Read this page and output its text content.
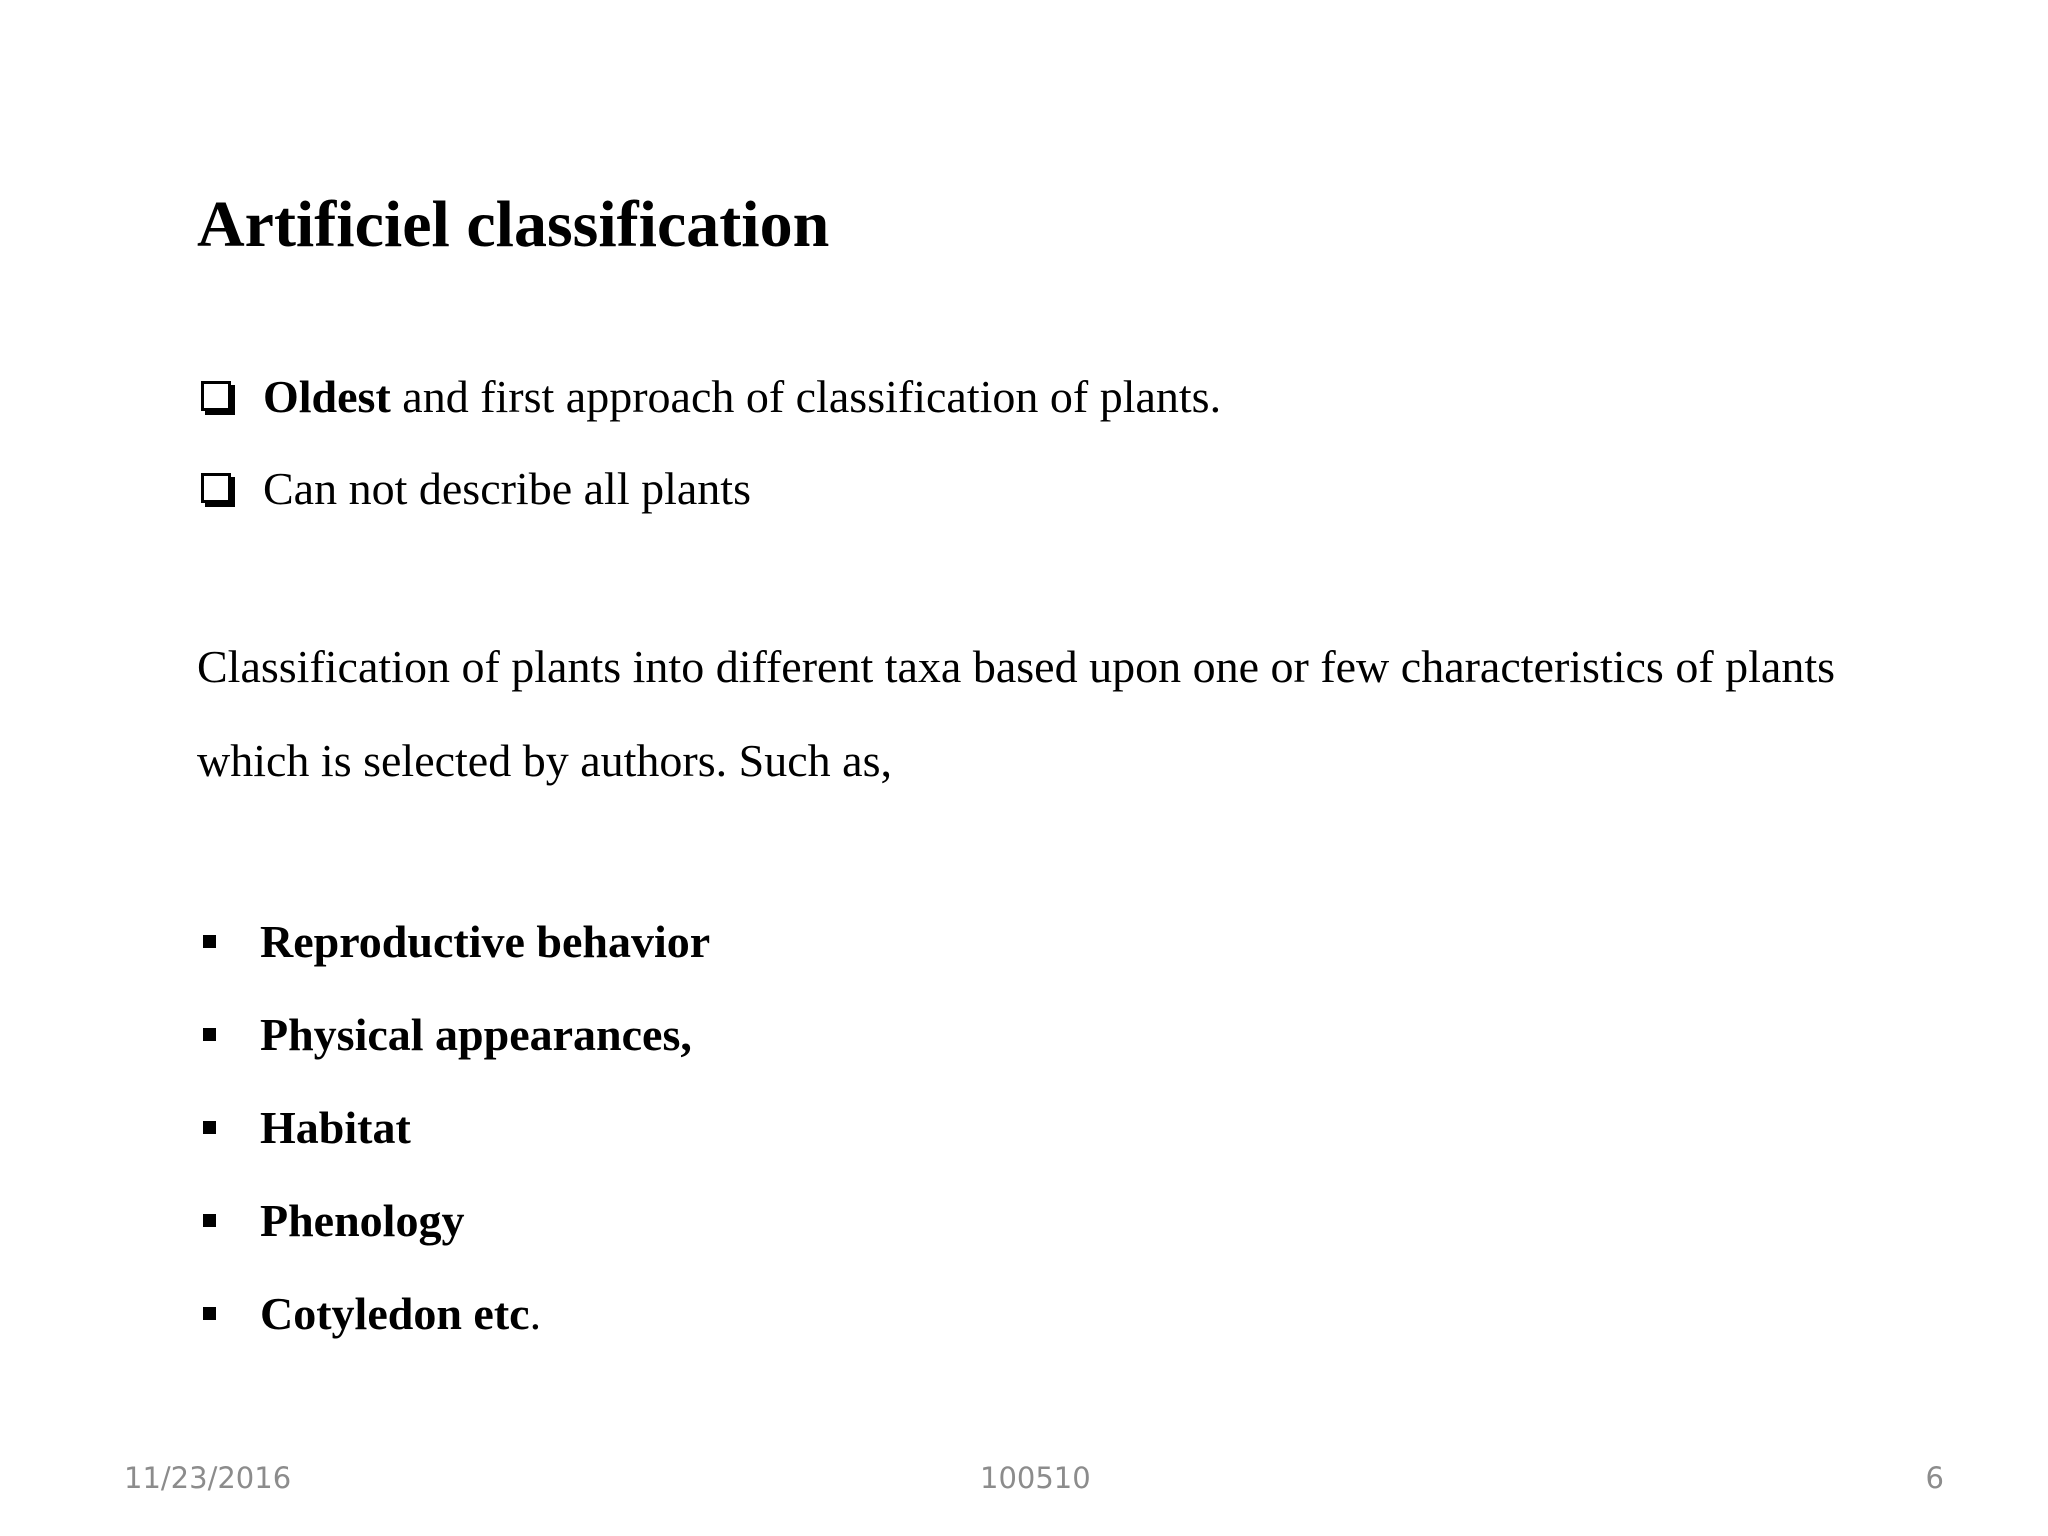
Artificiel classification
Oldest and first approach of classification of plants.
Can not describe all plants

Classification of plants into different taxa based upon one or few characteristics of plants which is selected by authors. Such as,

Reproductive behavior
Physical appearances,
Habitat
Phenology
Cotyledon etc .
11/23/2016	100510	6
